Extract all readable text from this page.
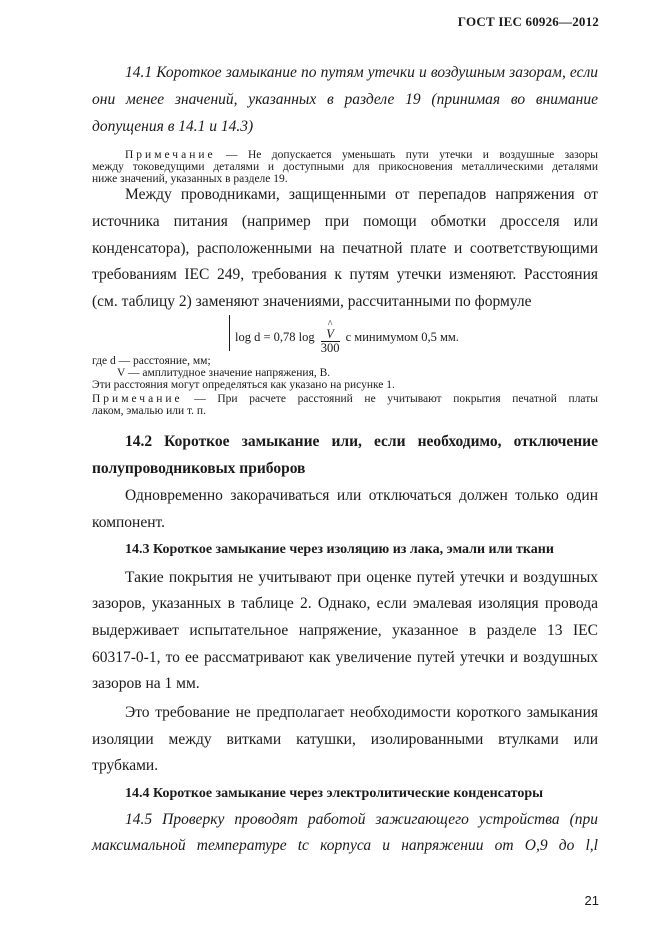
ГОСТ IEC 60926—2012
14.1 Короткое замыкание по путям утечки и воздушным зазорам, если
они менее значений, указанных в разделе 19 (принимая во внимание
допущения в 14.1 и 14.3)
Примечание — Не допускается уменьшать пути утечки и воздушные зазоры
между токоведущими деталями и доступными для прикосновения металлическими деталями
ниже значений, указанных в разделе 19.
Между проводниками, защищенными от перепадов напряжения от
источника питания (например при помощи обмотки дросселя или
конденсатора), расположенными на печатной плате и соответствующими
требованиям IEC 249, требования к путям утечки изменяют. Расстояния
(см. таблицу 2) заменяют значениями, рассчитанными по формуле
log d = 0,78 log ^
V
300 с минимумом 0,5 мм.
где d — расстояние, мм;
V — амплитудное значение напряжения, В.
Эти расстояния могут определяться как указано на рисунке 1.
Примечание — При расчете расстояний не учитывают покрытия печатной платы
лаком, эмалью или т. п.
14.2 Короткое замыкание или, если необходимо, отключение
полупроводниковых приборов
Одновременно закорачиваться или отключаться должен только один
компонент.
14.3 Короткое замыкание через изоляцию из лака, эмали или ткани
Такие покрытия не учитывают при оценке путей утечки и воздушных
зазоров, указанных в таблице 2. Однако, если эмалевая изоляция провода
выдерживает испытательное напряжение, указанное в разделе 13 IEC
60317-0-1, то ее рассматривают как увеличение путей утечки и воздушных
зазоров на 1 мм.
Это требование не предполагает необходимости короткого замыкания
изоляции между витками катушки, изолированными втулками или
трубками.
14.4 Короткое замыкание через электролитические конденсаторы
14.5 Проверку проводят работой зажигающего устройства (при
максимальной температуре tc корпуса и напряжении от О,9 до l,l
21
